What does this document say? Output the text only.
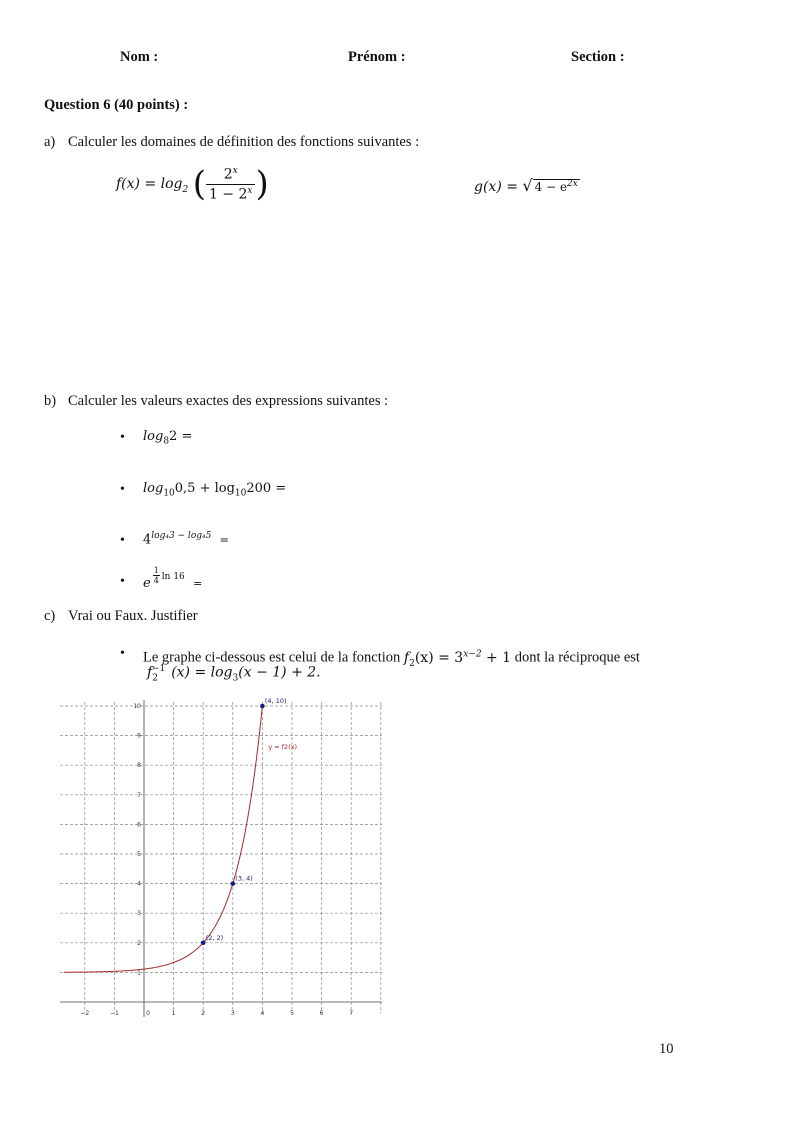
Nom :	Prénom :	Section :
Question 6 (40 points) :
a) Calculer les domaines de définition des fonctions suivantes :
$f(x) = \log_2$ ( $\frac{2^x}{1 - 2^x}$ )	g(x) = √ $4 - e^{2x}$
b) Calculer les valeurs exactes des expressions suivantes :
• $\log_82$ =
• $\log_{10}0,5 + \log_{10}200$ =
• $4^{log_43 - log_45}$ =
• e $\frac{1}{4}$ ln 16 $_=$
c) Vrai ou Faux. Justifier
• Le graphe ci-dessous est celui de la fonction $f_2(x) = 3^{x-2} + 1$ dont la réciproque est
$f_2^{-1}$ $(x) = \log_3(x - 1) + 2$.
−2	−1	0	1	2	3	4	5	6	7
1
2
3
4
5
6
7
8
9
10
(2, 2)
(3, 4)
(4, 10)
y = f2(x)
10
